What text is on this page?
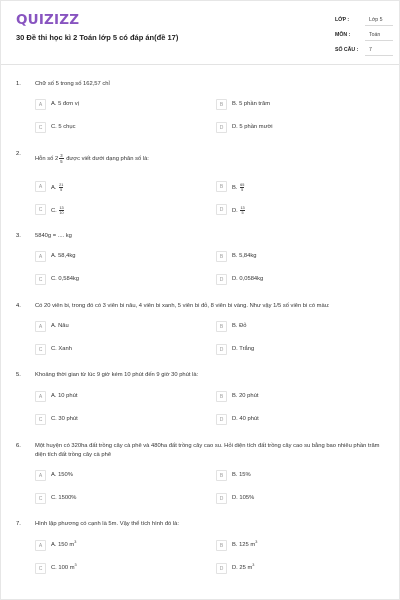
QUIZIZZ
30 Đề thi học kì 2 Toán lớp 5 có đáp án(đề 17)
LỚP :	Lớp 5
MÔN :	Toán
SỐ CÂU : 7
1. Chữ số 5 trong số 162,57 chỉ
A	A. 5 đơn vị	B	B. 5 phần trăm
C	C. 5 chục	D	D. 5 phần mười
2.
Hỗn số $2 \frac{3}{5}$ được viết dưới dạng phân số là:
A	A. $\frac{21}{5}$	B	B. $\frac{65}{5}$
C	C. $\frac{13}{10}$	D	D. $\frac{13}{5}$
3. 5840g = .... kg
A	A. 58,4kg	B	B. 5,84kg
C	C. 0,584kg	D	D. 0,0584kg
4. Có 20 viên bi, trong đó có 3 viên bi nâu, 4 viên bi xanh, 5 viên bi đỏ, 8 viên bi vàng. Như vậy 1/5 số viên bi có màu:
A	A. Nâu	B	B. Đỏ
C	C. Xanh	D	D. Trắng
5. Khoảng thời gian từ lúc 9 giờ kém 10 phút đến 9 giờ 30 phút là:
A	A. 10 phút	B	B. 20 phút
C	C. 30 phút	D	D. 40 phút
6. Một huyện có 320ha đất trồng cây cà phê và 480ha đất trồng cây cao su. Hỏi diện tích đất trồng cây cao su bằng bao nhiêu phần trăm diện tích đất trồng cây cà phê
A	A. 150%	B	B. 15%
C	C. 1500%	D	D. 105%
7. Hình lập phương có cạnh là 5m. Vậy thể tích hình đó là:
A	A. 150 $m^3$
B	B. 125 $m^3$
C	C. 100 $m^3$
D	D. 25 $m^3$
